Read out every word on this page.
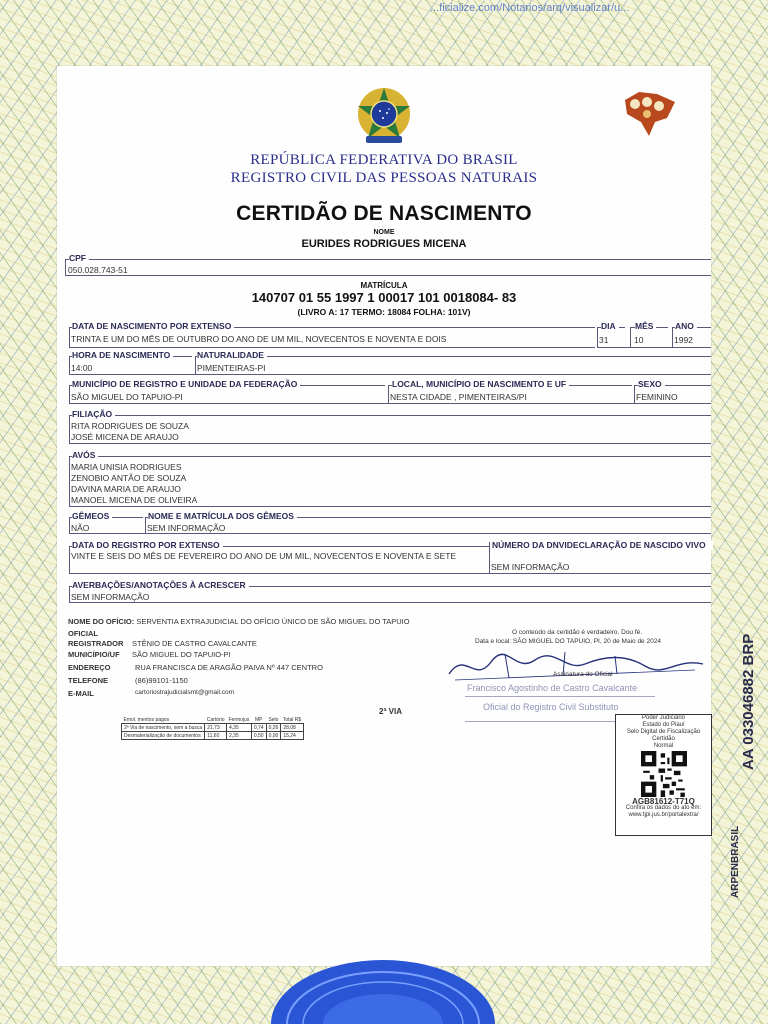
...ficialize.com/Notarios/arq/visualizar/u...
REPÚBLICA FEDERATIVA DO BRASIL
REGISTRO CIVIL DAS PESSOAS NATURAIS
CERTIDÃO DE NASCIMENTO
NOME
EURIDES RODRIGUES MICENA
CPF
050.028.743-51
MATRÍCULA
140707 01 55 1997 1 00017 101 0018084- 83
(LIVRO A: 17 TERMO: 18084 FOLHA: 101V)
DATA DE NASCIMENTO POR EXTENSO
TRINTA E UM DO MÊS DE OUTUBRO DO ANO DE UM MIL, NOVECENTOS E NOVENTA E DOIS
DIA
31
MÊS
10
ANO
1992
HORA DE NASCIMENTO
14:00
NATURALIDADE
PIMENTEIRAS-PI
MUNICÍPIO DE REGISTRO E UNIDADE DA FEDERAÇÃO
SÃO MIGUEL DO TAPUIO-PI
LOCAL, MUNICÍPIO DE NASCIMENTO E UF
NESTA CIDADE , PIMENTEIRAS/PI
SEXO
FEMININO
FILIAÇÃO
RITA RODRIGUES DE SOUZA
JOSÉ MICENA DE ARAUJO
AVÓS
MARIA UNISIA RODRIGUES
ZENOBIO ANTÃO DE SOUZA
DAVINA MARIA DE ARAUJO
MANOEL MICENA DE OLIVEIRA
GÊMEOS
NÃO
NOME E MATRÍCULA DOS GÊMEOS
SEM INFORMAÇÃO
DATA DO REGISTRO POR EXTENSO
VINTE E SEIS DO MÊS DE FEVEREIRO DO ANO DE UM MIL, NOVECENTOS E NOVENTA E SETE
NÚMERO DA DNVIDECLARAÇÃO DE NASCIDO VIVO
SEM INFORMAÇÃO
AVERBAÇÕES/ANOTAÇÕES À ACRESCER
SEM INFORMAÇÃO
NOME DO OFÍCIO: SERVENTIA EXTRAJUDICIAL DO OFÍCIO ÚNICO DE SÃO MIGUEL DO TAPUIO
OFICIAL
REGISTRADOR STÊNIO DE CASTRO CAVALCANTE
MUNICÍPIO/UF SÃO MIGUEL DO TAPUIO-PI
ENDEREÇO	RUA FRANCISCA DE ARAGÃO PAIVA Nº 447 CENTRO
TELEFONE	(86)99101-1150
E-MAIL	cartoriostrajudicialsmt@gmail.com
2ª VIA
Emol. mentos pagos	Cartório	Fermojus	MP	Selo	Total R$
2ª Via de nascimento, sem a busca	21,73	4,35	0,74	0,26	28,08
Desmaterialização de documentos	11,60	2,35	0,50	0,00	15,24
O conteúdo da certidão é verdadeiro. Dou fé.
Data e local: SÃO MIGUEL DO TAPUIO, PI, 20 de Maio de 2024
Assinatura do Oficial
Francisco Agostinho de Castro Cavalcante
Oficial do Registro Civil Substituto
Poder Judiciário
Estado do Piauí
Selo Digital de Fiscalização
Certidão
Normal
AGB81612-T71Q
Confira os dados do ato em:
www.tjpi.jus.br/portalextra/
AA 033046882 BRP
ARPENBRASIL
